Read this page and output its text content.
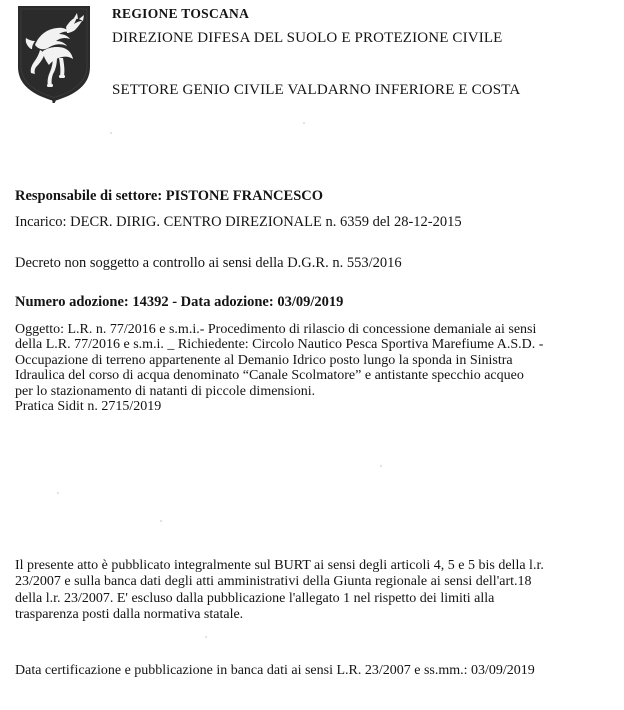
REGIONE TOSCANA
DIREZIONE DIFESA DEL SUOLO E PROTEZIONE CIVILE
SETTORE GENIO CIVILE VALDARNO INFERIORE E COSTA
Responsabile di settore: PISTONE FRANCESCO
Incarico: DECR. DIRIG. CENTRO DIREZIONALE n. 6359 del 28-12-2015
Decreto non soggetto a controllo ai sensi della D.G.R. n. 553/2016
Numero adozione: 14392 - Data adozione: 03/09/2019
Oggetto: L.R. n. 77/2016 e s.m.i.- Procedimento di rilascio di concessione demaniale ai sensi
della L.R. 77/2016 e s.m.i. _ Richiedente: Circolo Nautico Pesca Sportiva Marefiume A.S.D. -
Occupazione di terreno appartenente al Demanio Idrico posto lungo la sponda in Sinistra
Idraulica del corso di acqua denominato “Canale Scolmatore” e antistante specchio acqueo
per lo stazionamento di natanti di piccole dimensioni.
Pratica Sidit n. 2715/2019
Il presente atto è pubblicato integralmente sul BURT ai sensi degli articoli 4, 5 e 5 bis della l.r.
23/2007 e sulla banca dati degli atti amministrativi della Giunta regionale ai sensi dell'art.18
della l.r. 23/2007. E' escluso dalla pubblicazione l'allegato 1 nel rispetto dei limiti alla
trasparenza posti dalla normativa statale.
Data certificazione e pubblicazione in banca dati ai sensi L.R. 23/2007 e ss.mm.: 03/09/2019
